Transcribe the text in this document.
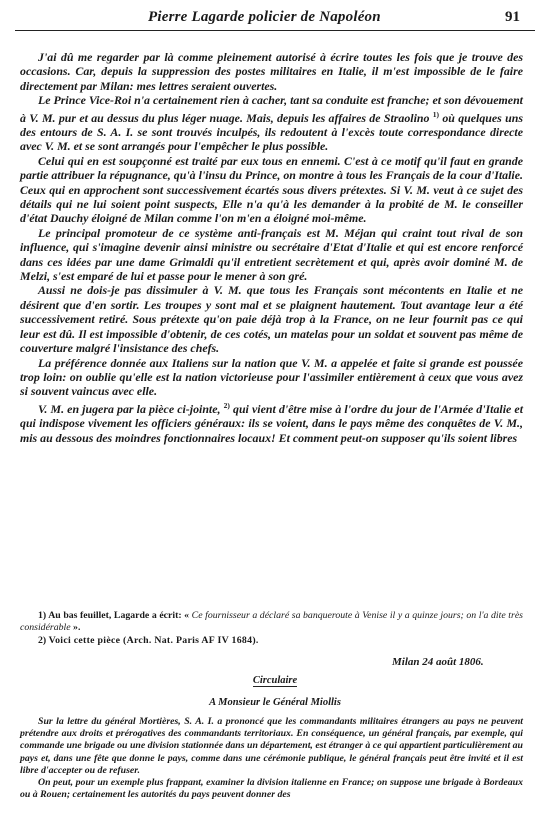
Pierre Lagarde policier de Napoléon	91

J'ai dû me regarder par là comme pleinement autorisé à écrire toutes les fois que je trouve des occasions. Car, depuis la suppression des postes militaires en Italie, il m'est impossible de le faire directement par Milan: mes lettres seraient ouvertes.

Le Prince Vice-Roi n'a certainement rien à cacher, tant sa conduite est franche; et son dévouement à V. M. pur et au dessus du plus léger nuage. Mais, depuis les affaires de Straolino $^{1)}$ où quelques uns des entours de S. A. I. se sont trouvés inculpés, ils redoutent à l'excès toute correspondance directe avec V. M. et se sont arrangés pour l'empêcher le plus possible.

Celui qui en est soupçonné est traité par eux tous en ennemi. C'est à ce motif qu'il faut en grande partie attribuer la répugnance, qu'à l'insu du Prince, on montre à tous les Français de la cour d'Italie. Ceux qui en approchent sont successivement écartés sous divers prétextes. Si V. M. veut à ce sujet des détails qui ne lui soient point suspects, Elle n'a qu'à les demander à la probité de M. le conseiller d'état Dauchy éloigné de Milan comme l'on m'en a éloigné moi-même.

Le principal promoteur de ce système anti-français est M. Méjan qui craint tout rival de son influence, qui s'imagine devenir ainsi ministre ou secrétaire d'Etat d'Italie et qui est encore renforcé dans ces idées par une dame Grimaldi qu'il entretient secrètement et qui, après avoir dominé M. de Melzi, s'est emparé de lui et passe pour le mener à son gré.

Aussi ne dois-je pas dissimuler à V. M. que tous les Français sont mécontents en Italie et ne désirent que d'en sortir. Les troupes y sont mal et se plaignent hautement. Tout avantage leur a été successivement retiré. Sous prétexte qu'on paie déjà trop à la France, on ne leur fournit pas ce qui leur est dû. Il est impossible d'obtenir, de ces cotés, un matelas pour un soldat et souvent pas même de couverture malgré l'insistance des chefs.

La préférence donnée aux Italiens sur la nation que V. M. a appelée et faite si grande est poussée trop loin: on oublie qu'elle est la nation victorieuse pour l'assimiler entièrement à ceux que vous avez si souvent vaincus avec elle.

V. M. en jugera par la pièce ci-jointe, $^{2)}$ qui vient d'être mise à l'ordre du jour de l'Armée d'Italie et qui indispose vivement les officiers généraux: ils se voient, dans le pays même des conquêtes de V. M., mis au dessous des moindres fonctionnaires locaux! Et comment peut-on supposer qu'ils soient libres

1) Au bas feuillet, Lagarde a écrit: « Ce fournisseur a déclaré sa banqueroute à Venise il y a quinze jours; on l'a dite très considérable ».

2) Voici cette pièce (Arch. Nat. Paris AF IV 1684).

Milan 24 août 1806.
Circulaire
A Monsieur le Général Miollis

Sur la lettre du général Mortières, S. A. I. a prononcé que les commandants militaires étrangers au pays ne peuvent prétendre aux droits et prérogatives des commandants territoriaux. En conséquence, un général français, par exemple, qui commande une brigade ou une division stationnée dans un département, est étranger à ce qui appartient particulièrement au pays et, dans une fête que donne le pays, comme dans une cérémonie publique, le général français peut être invité et il est libre d'accepter ou de refuser.

On peut, pour un exemple plus frappant, examiner la division italienne en France; on suppose une brigade à Bordeaux ou à Rouen; certainement les autorités du pays peuvent donner des
